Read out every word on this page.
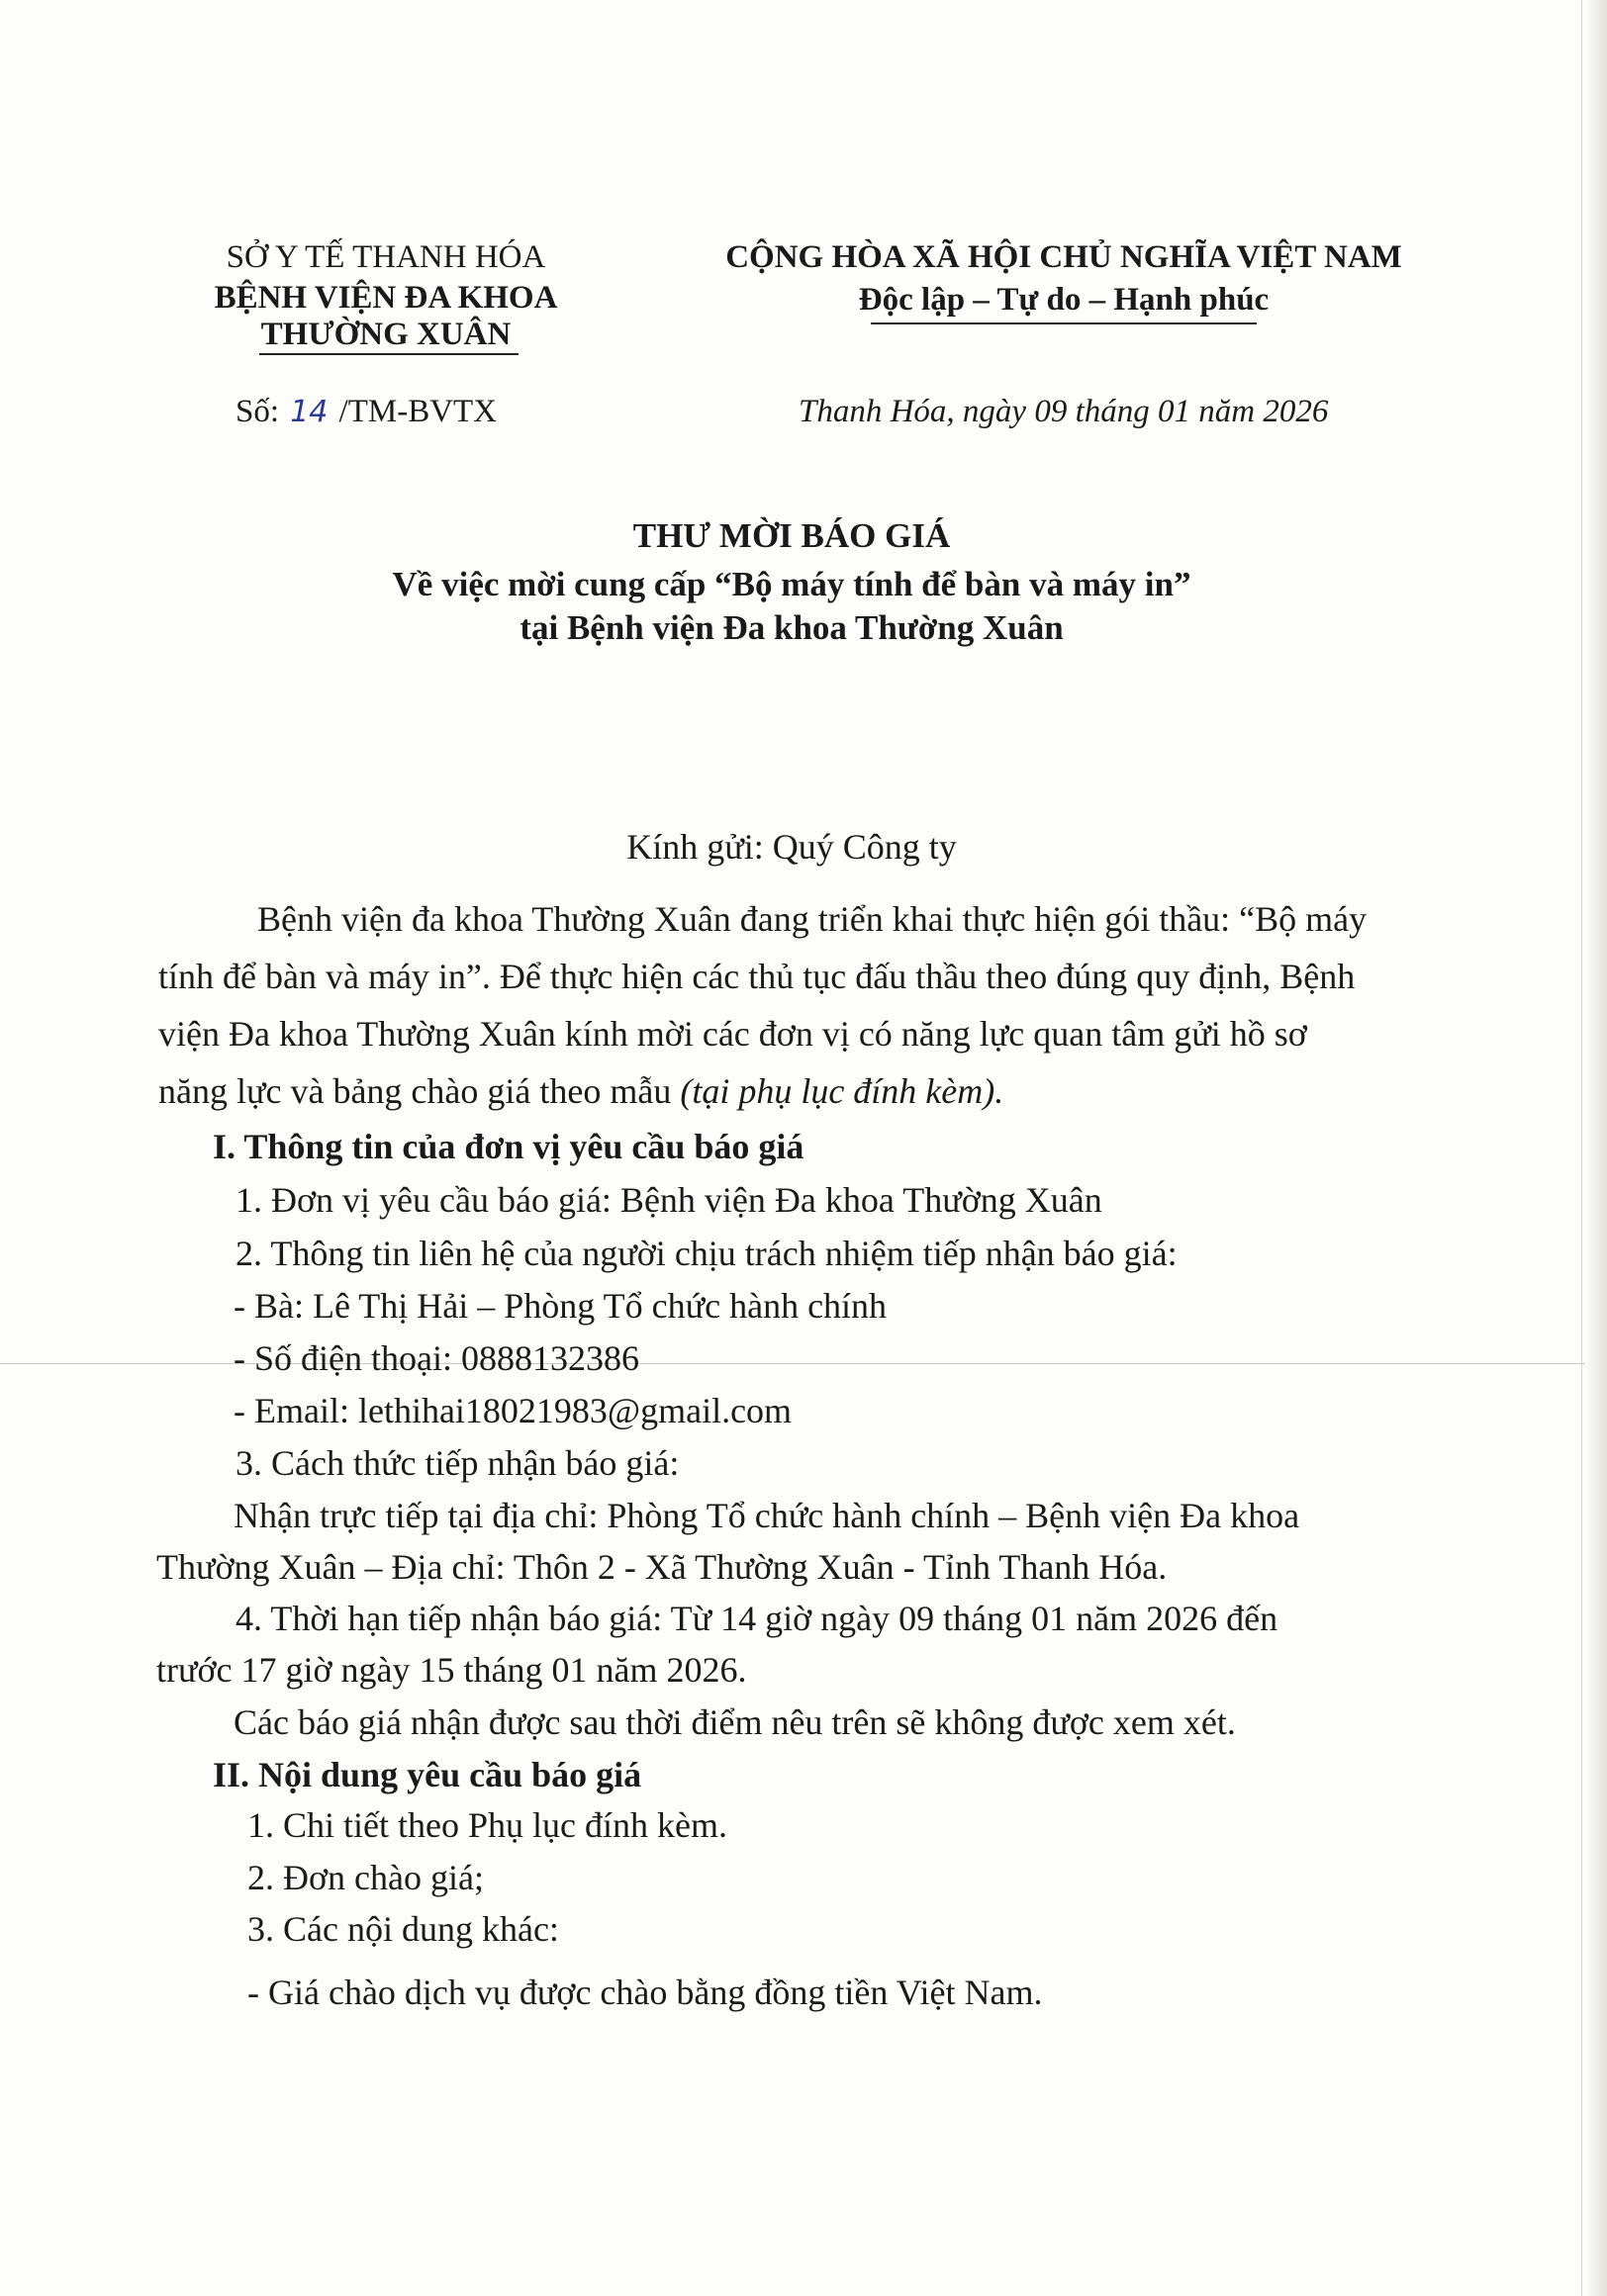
SỞ Y TẾ THANH HÓA
BỆNH VIỆN ĐA KHOA
THƯỜNG XUÂN
Số: 14 /TM-BVTX
CỘNG HÒA XÃ HỘI CHỦ NGHĨA VIỆT NAM
Độc lập – Tự do – Hạnh phúc
Thanh Hóa, ngày 09 tháng 01 năm 2026
THƯ MỜI BÁO GIÁ
Về việc mời cung cấp “Bộ máy tính để bàn và máy in”
tại Bệnh viện Đa khoa Thường Xuân
Kính gửi: Quý Công ty
Bệnh viện đa khoa Thường Xuân đang triển khai thực hiện gói thầu: “Bộ máy
tính để bàn và máy in”. Để thực hiện các thủ tục đấu thầu theo đúng quy định, Bệnh
viện Đa khoa Thường Xuân kính mời các đơn vị có năng lực quan tâm gửi hồ sơ
năng lực và bảng chào giá theo mẫu (tại phụ lục đính kèm).
I. Thông tin của đơn vị yêu cầu báo giá
1. Đơn vị yêu cầu báo giá: Bệnh viện Đa khoa Thường Xuân
2. Thông tin liên hệ của người chịu trách nhiệm tiếp nhận báo giá:
- Bà: Lê Thị Hải – Phòng Tổ chức hành chính
- Số điện thoại: 0888132386
- Email: lethihai18021983@gmail.com
3. Cách thức tiếp nhận báo giá:
Nhận trực tiếp tại địa chỉ: Phòng Tổ chức hành chính – Bệnh viện Đa khoa
Thường Xuân – Địa chỉ: Thôn 2 - Xã Thường Xuân - Tỉnh Thanh Hóa.
4. Thời hạn tiếp nhận báo giá: Từ 14 giờ ngày 09 tháng 01 năm 2026 đến
trước 17 giờ ngày 15 tháng 01 năm 2026.
Các báo giá nhận được sau thời điểm nêu trên sẽ không được xem xét.
II. Nội dung yêu cầu báo giá
1. Chi tiết theo Phụ lục đính kèm.
2. Đơn chào giá;
3. Các nội dung khác:
- Giá chào dịch vụ được chào bằng đồng tiền Việt Nam.
